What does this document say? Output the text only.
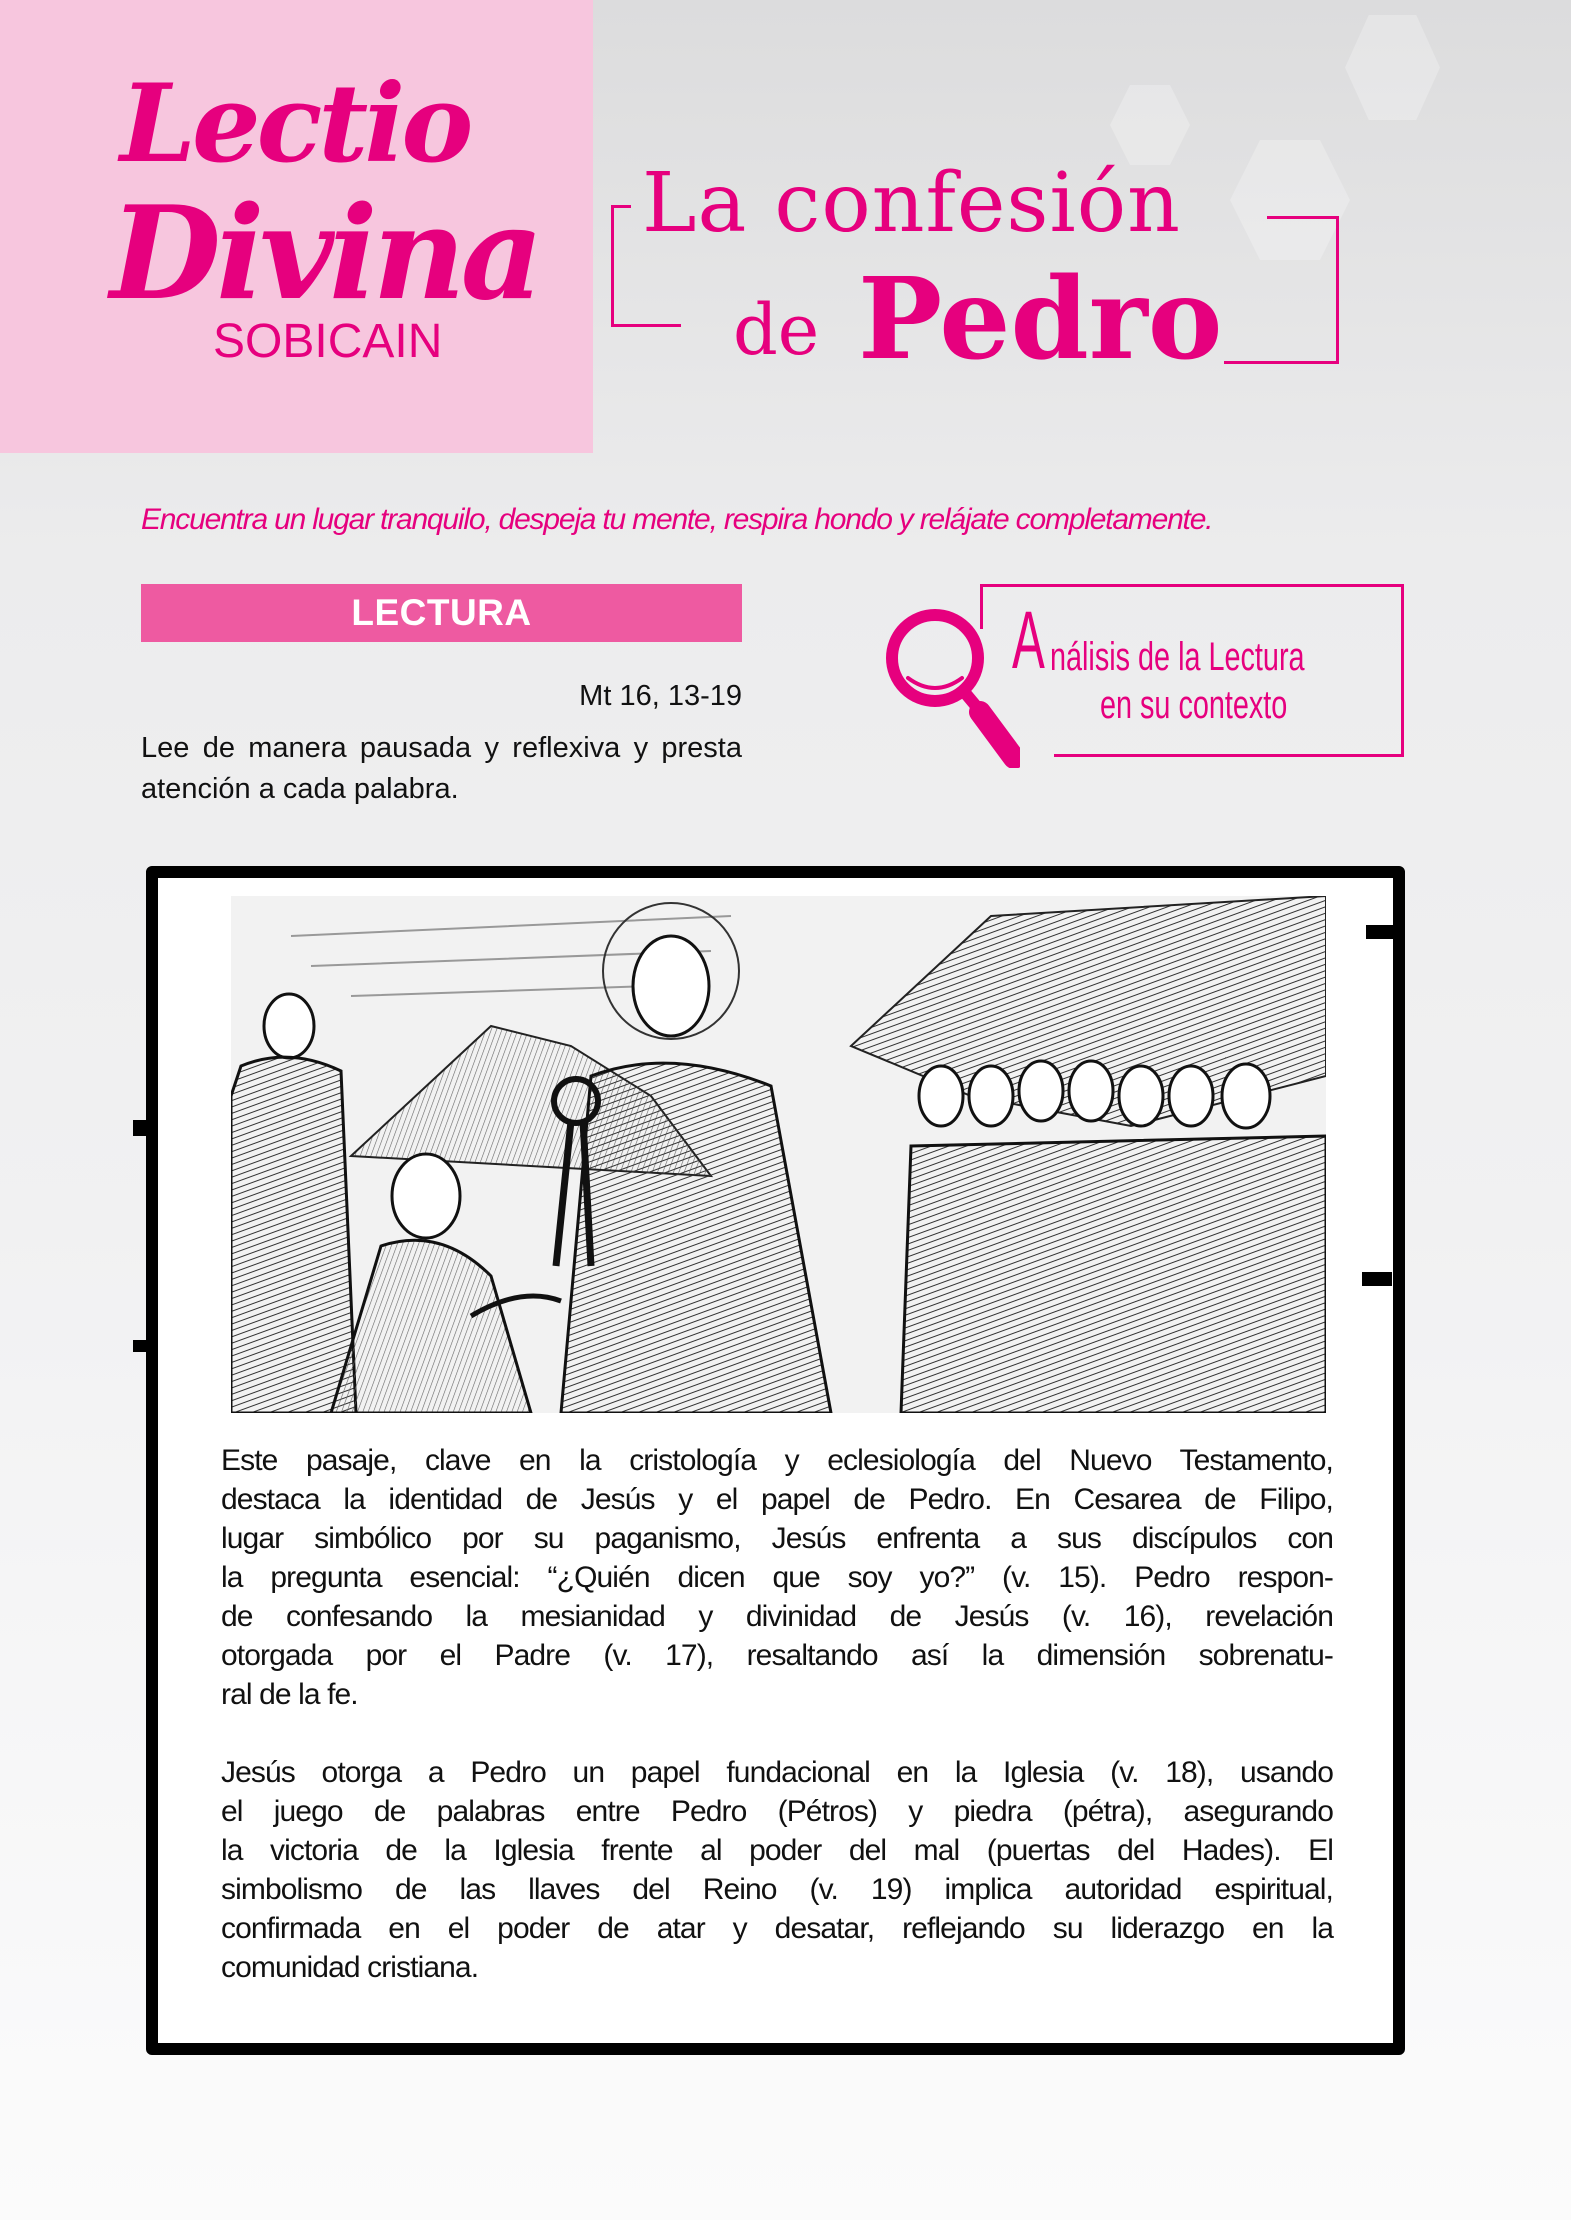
Lectio
Divina
SOBICAIN
La confesión
de Pedro
Encuentra un lugar tranquilo, despeja tu mente, respira hondo y relájate completamente.
LECTURA
Mt 16, 13-19
Lee de manera pausada y reflexiva y presta atención a cada palabra.
A nálisis de la Lectura
en su contexto
Este pasaje, clave en la cristología y eclesiología del Nuevo Testamento,
destaca la identidad de Jesús y el papel de Pedro. En Cesarea de Filipo,
lugar simbólico por su paganismo, Jesús enfrenta a sus discípulos con
la pregunta esencial: “¿Quién dicen que soy yo?” (v. 15). Pedro respon-
de confesando la mesianidad y divinidad de Jesús (v. 16), revelación
otorgada por el Padre (v. 17), resaltando así la dimensión sobrenatu-
ral de la fe.
Jesús otorga a Pedro un papel fundacional en la Iglesia (v. 18), usando
el juego de palabras entre Pedro (Pétros) y piedra (pétra), asegurando
la victoria de la Iglesia frente al poder del mal (puertas del Hades). El
simbolismo de las llaves del Reino (v. 19) implica autoridad espiritual,
confirmada en el poder de atar y desatar, reflejando su liderazgo en la
comunidad cristiana.
